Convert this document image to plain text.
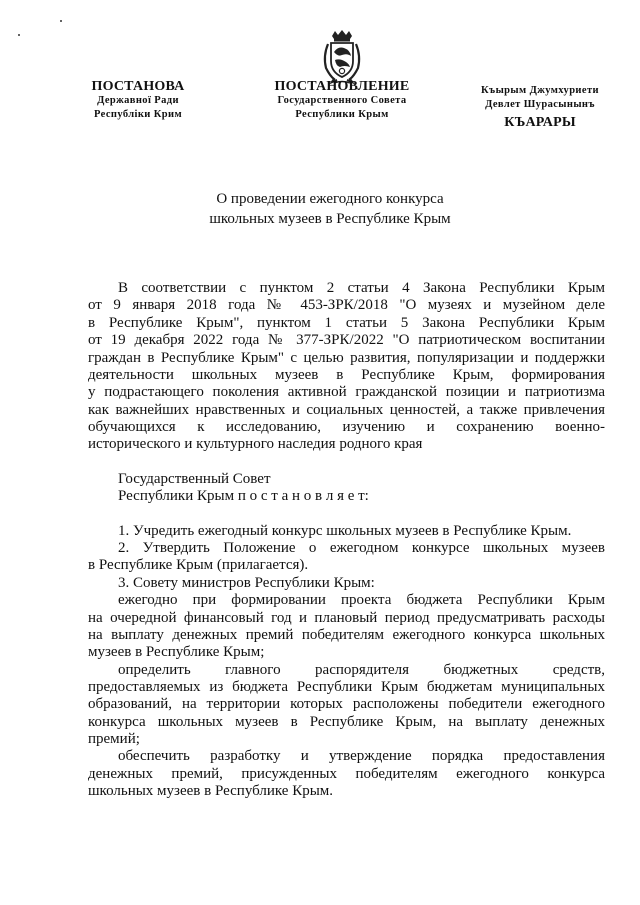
ПОСТАНОВА
Державної Ради
Республіки Крим
ПОСТАНОВЛЕНИЕ
Государственного Совета
Республики Крым
Къырым Джумхуриети
Девлет Шурасынынъ
КЪАРАРЫ
О проведении ежегодного конкурса
школьных музеев в Республике Крым
В соответствии с пунктом 2 статьи 4 Закона Республики Крым
от 9 января 2018 года № 453-ЗРК/2018 "О музеях и музейном деле
в Республике Крым", пунктом 1 статьи 5 Закона Республики Крым
от 19 декабря 2022 года № 377-ЗРК/2022 "О патриотическом воспитании
граждан в Республике Крым" с целью развития, популяризации и поддержки
деятельности школьных музеев в Республике Крым, формирования
у подрастающего поколения активной гражданской позиции и патриотизма
как важнейших нравственных и социальных ценностей, а также привлечения
обучающихся к исследованию, изучению и сохранению военно-
исторического и культурного наследия родного края
Государственный Совет
Республики Крым п о с т а н о в л я е т:
1. Учредить ежегодный конкурс школьных музеев в Республике Крым.
2. Утвердить Положение о ежегодном конкурсе школьных музеев
в Республике Крым (прилагается).
3. Совету министров Республики Крым:
ежегодно при формировании проекта бюджета Республики Крым
на очередной финансовый год и плановый период предусматривать расходы
на выплату денежных премий победителям ежегодного конкурса школьных
музеев в Республике Крым;
определить главного распорядителя бюджетных средств,
предоставляемых из бюджета Республики Крым бюджетам муниципальных
образований, на территории которых расположены победители ежегодного
конкурса школьных музеев в Республике Крым, на выплату денежных
премий;
обеспечить разработку и утверждение порядка предоставления
денежных премий, присужденных победителям ежегодного конкурса
школьных музеев в Республике Крым.
